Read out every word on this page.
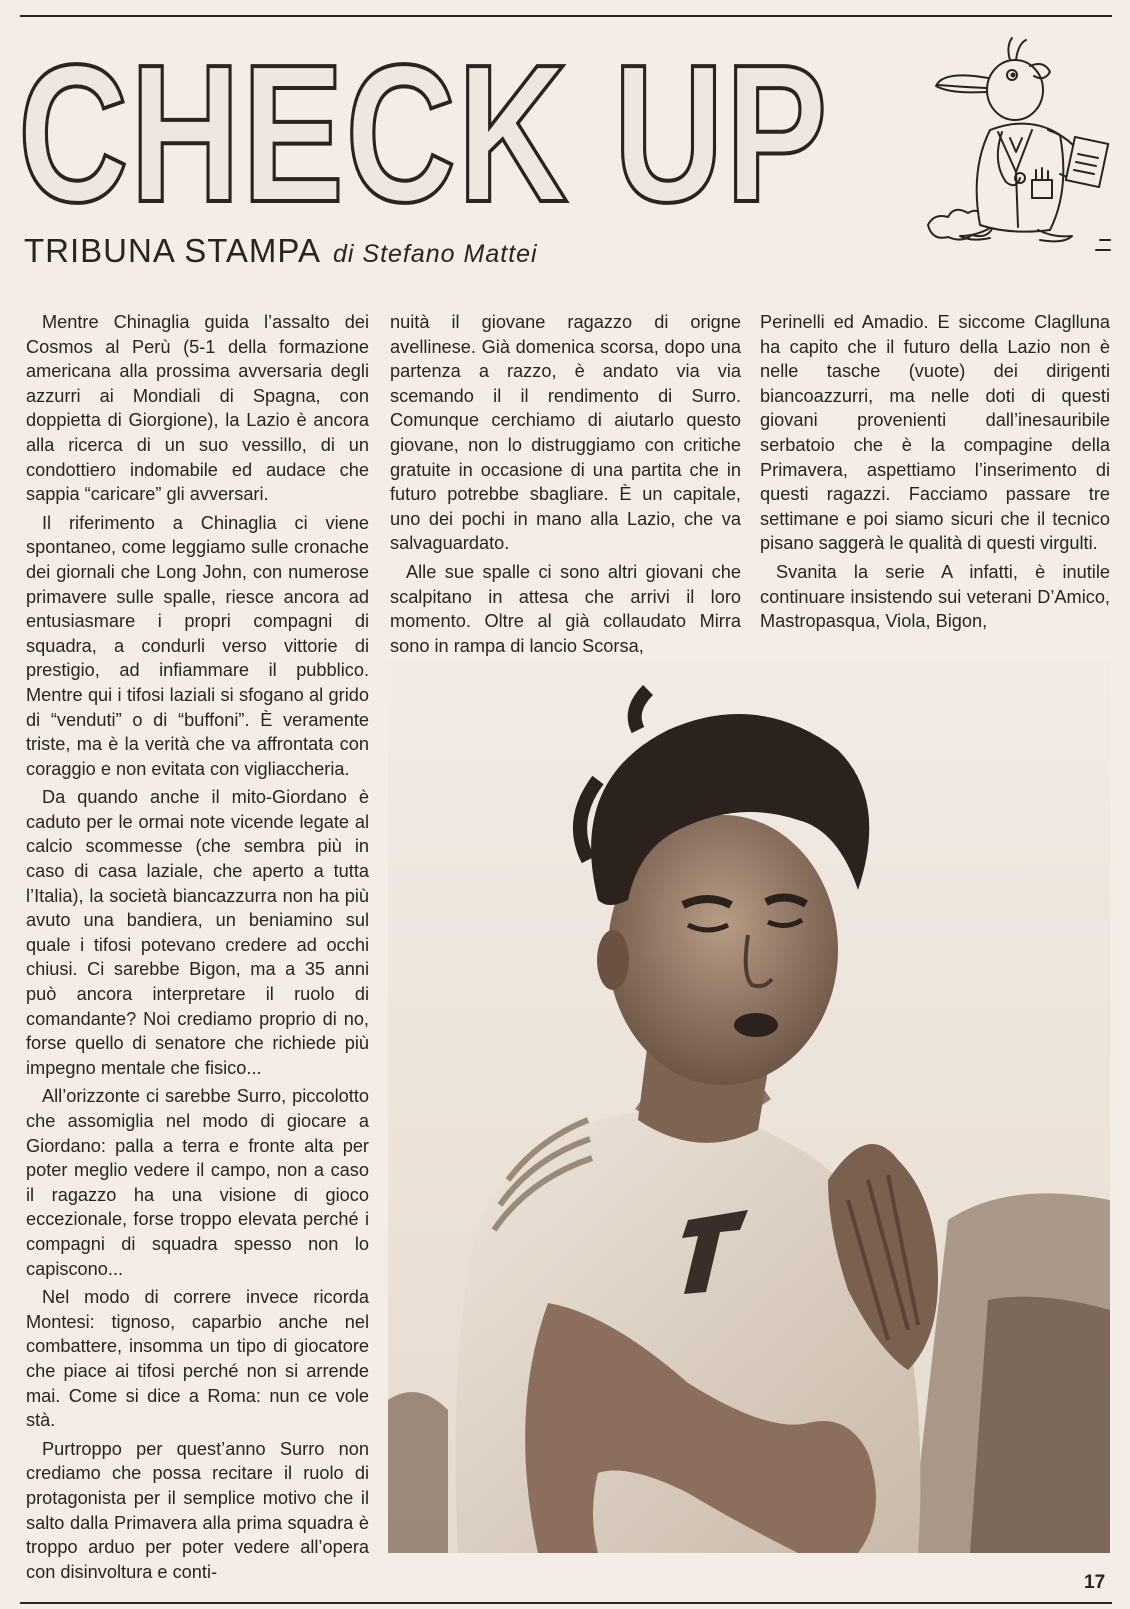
CHECK UP
TRIBUNA STAMPA di Stefano Mattei

Mentre Chinaglia guida l’assalto dei Cosmos al Perù (5-1 della formazione americana alla prossima avversaria degli azzurri ai Mondiali di Spagna, con doppietta di Giorgione), la Lazio è ancora alla ricerca di un suo vessillo, di un condottiero indomabile ed audace che sappia “caricare” gli avversari.

Il riferimento a Chinaglia ci viene spontaneo, come leggiamo sulle cronache dei giornali che Long John, con numerose primavere sulle spalle, riesce ancora ad entusiasmare i propri compagni di squadra, a condurli verso vittorie di prestigio, ad infiammare il pubblico. Mentre qui i tifosi laziali si sfogano al grido di “venduti” o di “buffoni”. È veramente triste, ma è la verità che va affrontata con coraggio e non evitata con vigliaccheria.

Da quando anche il mito-Giordano è caduto per le ormai note vicende legate al calcio scommesse (che sembra più in caso di casa laziale, che aperto a tutta l’Italia), la società biancazzurra non ha più avuto una bandiera, un beniamino sul quale i tifosi potevano credere ad occhi chiusi. Ci sarebbe Bigon, ma a 35 anni può ancora interpretare il ruolo di comandante? Noi crediamo proprio di no, forse quello di senatore che richiede più impegno mentale che fisico...

All’orizzonte ci sarebbe Surro, piccolotto che assomiglia nel modo di giocare a Giordano: palla a terra e fronte alta per poter meglio vedere il campo, non a caso il ragazzo ha una visione di gioco eccezionale, forse troppo elevata perché i compagni di squadra spesso non lo capiscono...

Nel modo di correre invece ricorda Montesi: tignoso, caparbio anche nel combattere, insomma un tipo di giocatore che piace ai tifosi perché non si arrende mai. Come si dice a Roma: nun ce vole stà.

Purtroppo per quest’anno Surro non crediamo che possa recitare il ruolo di protagonista per il semplice motivo che il salto dalla Primavera alla prima squadra è troppo arduo per poter vedere all’opera con disinvoltura e conti-

nuità il giovane ragazzo di origne avellinese. Già domenica scorsa, dopo una partenza a razzo, è andato via via scemando il il rendimento di Surro. Comunque cerchiamo di aiutarlo questo giovane, non lo distruggiamo con critiche gratuite in occasione di una partita che in futuro potrebbe sbagliare. È un capitale, uno dei pochi in mano alla Lazio, che va salvaguardato.

Alle sue spalle ci sono altri giovani che scalpitano in attesa che arrivi il loro momento. Oltre al già collaudato Mirra sono in rampa di lancio Scorsa,

Perinelli ed Amadio. E siccome Claglluna ha capito che il futuro della Lazio non è nelle tasche (vuote) dei dirigenti biancoazzurri, ma nelle doti di questi giovani provenienti dall’inesauribile serbatoio che è la compagine della Primavera, aspettiamo l’inserimento di questi ragazzi. Facciamo passare tre settimane e poi siamo sicuri che il tecnico pisano saggerà le qualità di questi virgulti.

Svanita la serie A infatti, è inutile continuare insistendo sui veterani D’Amico, Mastropasqua, Viola, Bigon,

17
